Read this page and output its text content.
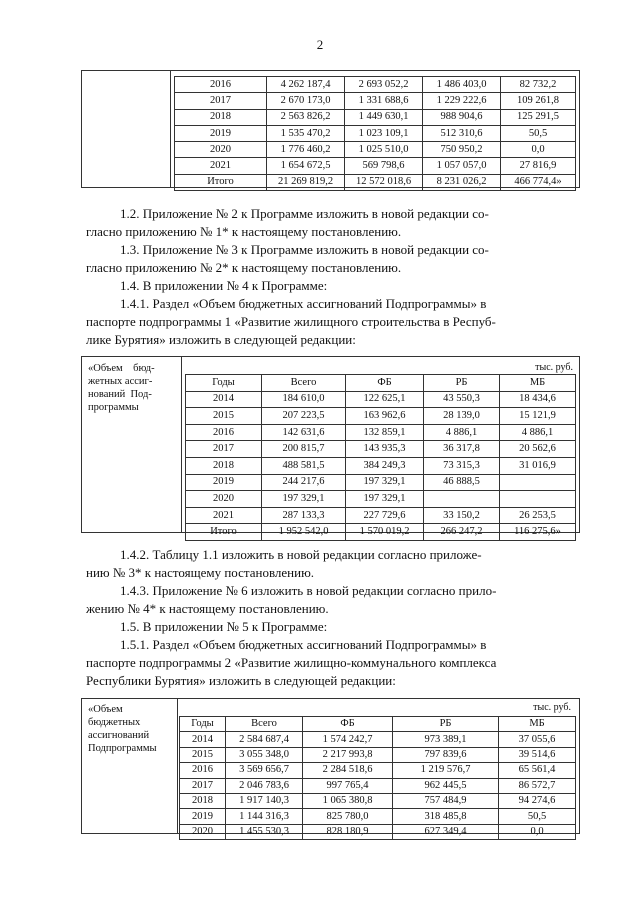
2
2016	4 262 187,4	2 693 052,2	1 486 403,0	82 732,2
2017	2 670 173,0	1 331 688,6	1 229 222,6	109 261,8
2018	2 563 826,2	1 449 630,1	988 904,6	125 291,5
2019	1 535 470,2	1 023 109,1	512 310,6	50,5
2020	1 776 460,2	1 025 510,0	750 950,2	0,0
2021	1 654 672,5	569 798,6	1 057 057,0	27 816,9
Итого	21 269 819,2	12 572 018,6	8 231 026,2	466 774,4»

1.2. Приложение № 2 к Программе изложить в новой редакции со-

гласно приложению № 1* к настоящему постановлению.

1.3. Приложение № 3 к Программе изложить в новой редакции со-

гласно приложению № 2* к настоящему постановлению.

1.4. В приложении № 4 к Программе:

1.4.1. Раздел «Объем бюджетных ассигнований Подпрограммы» в

паспорте подпрограммы 1 «Развитие жилищного строительства в Респуб-

лике Бурятия» изложить в следующей редакции:

«Объем    бюд-
жетных ассиг-
нований  Под-
программы
тыс. руб.
Годы	Всего	ФБ	РБ	МБ
2014	184 610,0	122 625,1	43 550,3	18 434,6
2015	207 223,5	163 962,6	28 139,0	15 121,9
2016	142 631,6	132 859,1	4 886,1	4 886,1
2017	200 815,7	143 935,3	36 317,8	20 562,6
2018	488 581,5	384 249,3	73 315,3	31 016,9
2019	244 217,6	197 329,1	46 888,5	
2020	197 329,1	197 329,1		
2021	287 133,3	227 729,6	33 150,2	26 253,5
Итого	1 952 542,0	1 570 019,2	266 247,2	116 275,6»

1.4.2. Таблицу 1.1 изложить в новой редакции согласно приложе-

нию № 3* к настоящему постановлению.

1.4.3. Приложение № 6 изложить в новой редакции согласно прило-

жению № 4* к настоящему постановлению.

1.5. В приложении № 5 к Программе:

1.5.1. Раздел «Объем бюджетных ассигнований Подпрограммы» в

паспорте подпрограммы 2 «Развитие жилищно-коммунального комплекса

Республики Бурятия» изложить в следующей редакции:

«Объем
бюджетных
ассигнований
Подпрограммы
тыс. руб.
Годы	Всего	ФБ	РБ	МБ
2014	2 584 687,4	1 574 242,7	973 389,1	37 055,6
2015	3 055 348,0	2 217 993,8	797 839,6	39 514,6
2016	3 569 656,7	2 284 518,6	1 219 576,7	65 561,4
2017	2 046 783,6	997 765,4	962 445,5	86 572,7
2018	1 917 140,3	1 065 380,8	757 484,9	94 274,6
2019	1 144 316,3	825 780,0	318 485,8	50,5
2020	1 455 530,3	828 180,9	627 349,4	0,0
